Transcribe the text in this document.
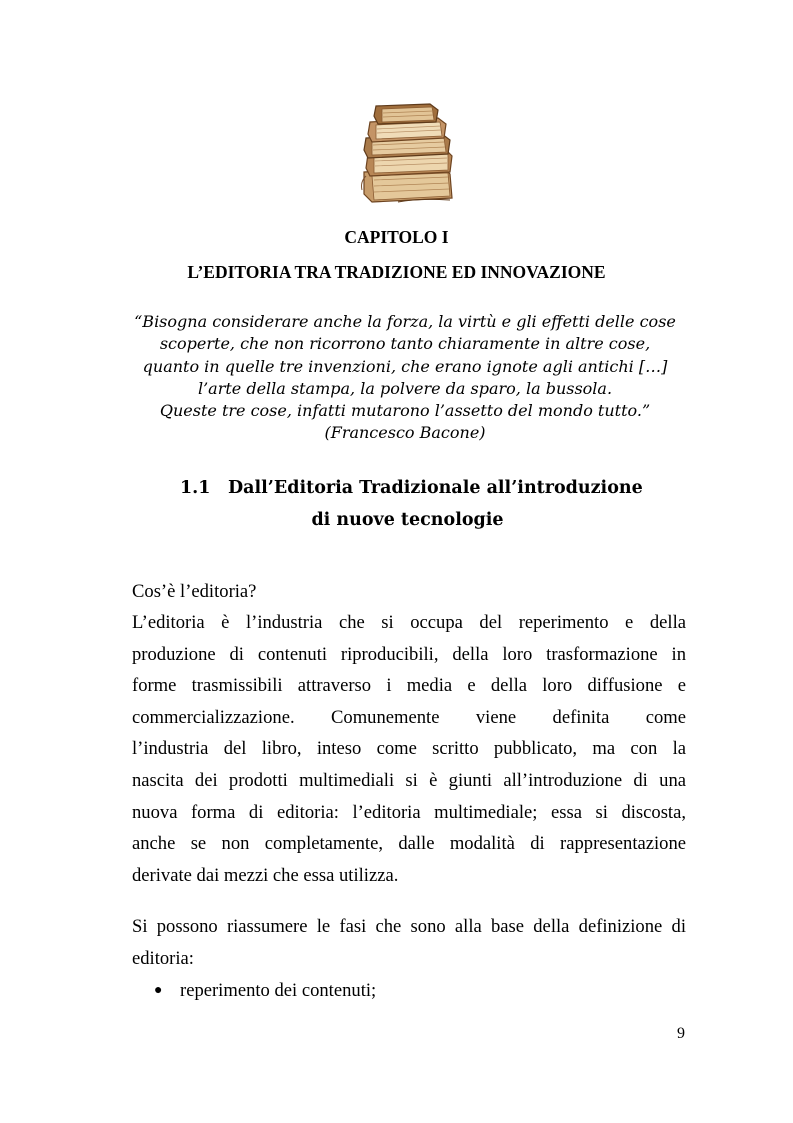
CAPITOLO I
L’EDITORIA TRA TRADIZIONE ED INNOVAZIONE
“Bisogna considerare anche la forza, la virtù e gli effetti delle cose
scoperte, che non ricorrono tanto chiaramente in altre cose,
quanto in quelle tre invenzioni, che erano ignote agli antichi […]
l’arte della stampa, la polvere da sparo, la bussola.
Queste tre cose, infatti mutarono l’assetto del mondo tutto.”
(Francesco Bacone)
1.1 Dall’Editoria Tradizionale all’introduzione
di nuove tecnologie
Cos’è l’editoria?
L’editoria è l’industria che si occupa del reperimento e della
produzione di contenuti riproducibili, della loro trasformazione in
forme trasmissibili attraverso i media e della loro diffusione e
commercializzazione. Comunemente viene definita come
l’industria del libro, inteso come scritto pubblicato, ma con la
nascita dei prodotti multimediali si è giunti all’introduzione di una
nuova forma di editoria: l’editoria multimediale; essa si discosta,
anche se non completamente, dalle modalità di rappresentazione
derivate dai mezzi che essa utilizza.
Si possono riassumere le fasi che sono alla base della definizione di
editoria:
● reperimento dei contenuti;
9
